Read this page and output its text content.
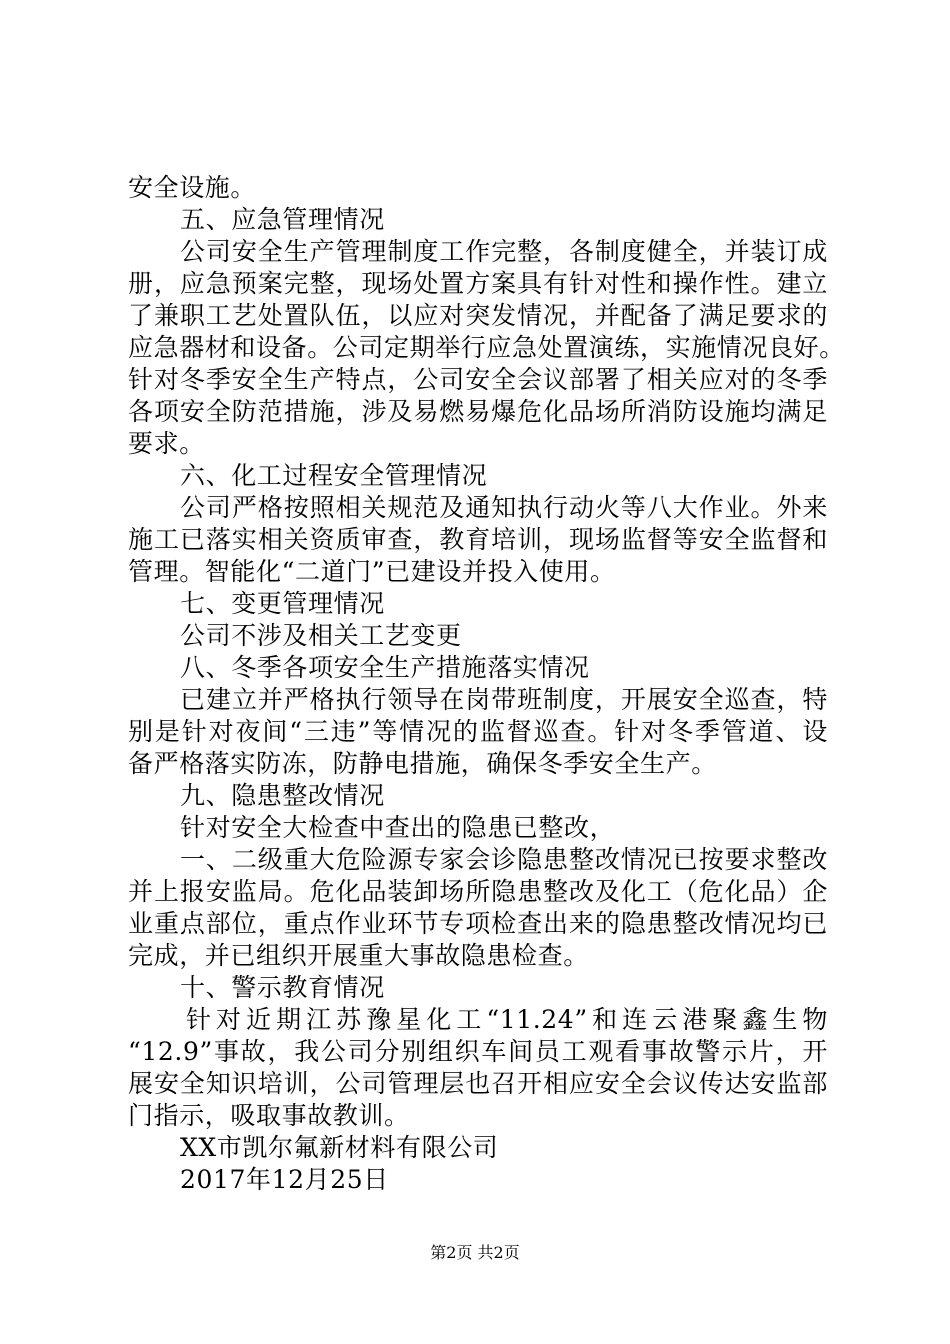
安全设施。
五、应急管理情况
公司安全生产管理制度工作完整，各制度健全，并装订成
册，应急预案完整，现场处置方案具有针对性和操作性。建立
了兼职工艺处置队伍，以应对突发情况，并配备了满足要求的
应急器材和设备。公司定期举行应急处置演练，实施情况良好。
针对冬季安全生产特点，公司安全会议部署了相关应对的冬季
各项安全防范措施，涉及易燃易爆危化品场所消防设施均满足
要求。
六、化工过程安全管理情况
公司严格按照相关规范及通知执行动火等八大作业。外来
施工已落实相关资质审查，教育培训，现场监督等安全监督和
管理。智能化“二道门”已建设并投入使用。
七、变更管理情况
公司不涉及相关工艺变更
八、冬季各项安全生产措施落实情况
已建立并严格执行领导在岗带班制度，开展安全巡查，特
别是针对夜间“三违”等情况的监督巡查。针对冬季管道、设
备严格落实防冻，防静电措施，确保冬季安全生产。
九、隐患整改情况
针对安全大检查中查出的隐患已整改，
一、二级重大危险源专家会诊隐患整改情况已按要求整改
并上报安监局。危化品装卸场所隐患整改及化工（危化品）企
业重点部位，重点作业环节专项检查出来的隐患整改情况均已
完成，并已组织开展重大事故隐患检查。
十、警示教育情况
针对近期江苏豫星化工“11.24”和连云港聚鑫生物
“12.9”事故，我公司分别组织车间员工观看事故警示片，开
展安全知识培训，公司管理层也召开相应安全会议传达安监部
门指示，吸取事故教训。
XX市凯尔氟新材料有限公司
2017年12月25日
第2页 共2页
